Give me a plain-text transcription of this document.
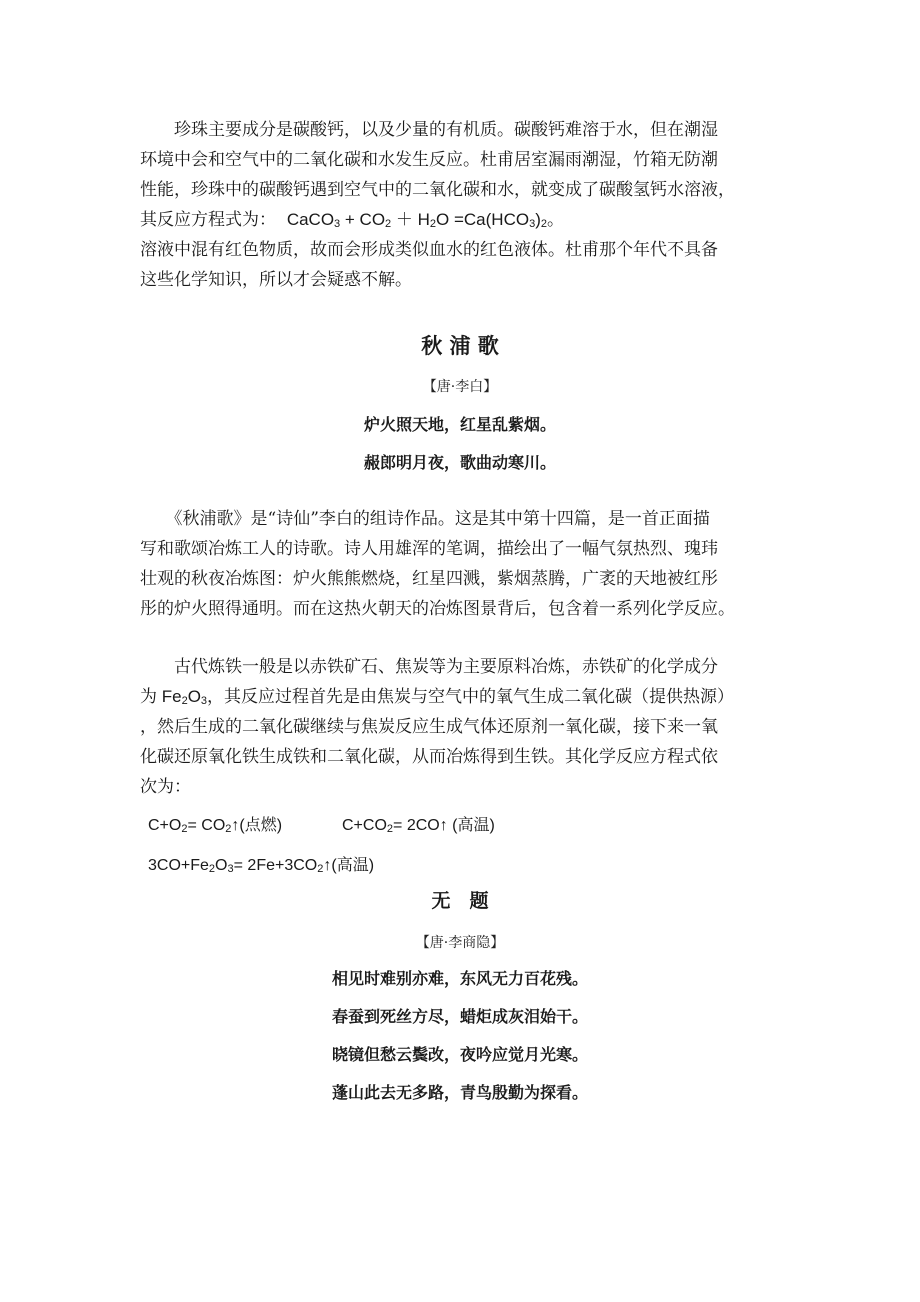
　　珍珠主要成分是碳酸钙，以及少量的有机质。碳酸钙难溶于水，但在潮湿
环境中会和空气中的二氧化碳和水发生反应。杜甫居室漏雨潮湿，竹箱无防潮
性能，珍珠中的碳酸钙遇到空气中的二氧化碳和水，就变成了碳酸氢钙水溶液，
其反应方程式为： CaCO$_3$ + $CO_2 + H_2O =Ca(HCO_3)_2$。
溶液中混有红色物质，故而会形成类似血水的红色液体。杜甫那个年代不具备
这些化学知识，所以才会疑惑不解。

秋 浦 歌

【唐·李白】

炉火照天地，红星乱紫烟。

赧郎明月夜，歌曲动寒川。

　　《秋浦歌》是“诗仙”李白的组诗作品。这是其中第十四篇，是一首正面描
写和歌颂冶炼工人的诗歌。诗人用雄浑的笔调，描绘出了一幅气氛热烈、瑰玮
壮观的秋夜冶炼图：炉火熊熊燃烧，红星四溅，紫烟蒸腾，广袤的天地被红彤
彤的炉火照得通明。而在这热火朝天的冶炼图景背后，包含着一系列化学反应。
　　古代炼铁一般是以赤铁矿石、焦炭等为主要原料冶炼，赤铁矿的化学成分
为 $Fe_2O_3$，其反应过程首先是由焦炭与空气中的氧气生成二氧化碳（提供热源）
，然后生成的二氧化碳继续与焦炭反应生成气体还原剂一氧化碳，接下来一氧
化碳还原氧化铁生成铁和二氧化碳，从而冶炼得到生铁。其化学反应方程式依
次为：

$C+O_2=$ $CO_2↑$(点燃)	$C+CO_2=$ 2CO↑ (高温)

$3CO+Fe_2O_3=$ $2Fe+3CO_2↑$(高温)

无　题

【唐·李商隐】

相见时难别亦难，东风无力百花残。

春蚕到死丝方尽，蜡炬成灰泪始干。

晓镜但愁云鬓改，夜吟应觉月光寒。

蓬山此去无多路，青鸟殷勤为探看。
